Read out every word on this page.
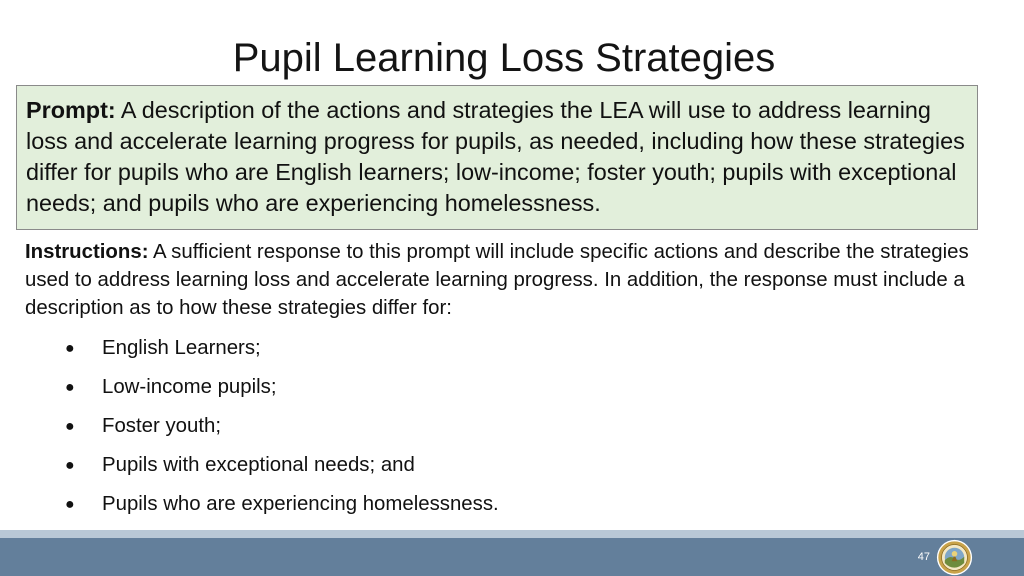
Pupil Learning Loss Strategies
Prompt: A description of the actions and strategies the LEA will use to address learning loss and accelerate learning progress for pupils, as needed, including how these strategies differ for pupils who are English learners; low-income; foster youth; pupils with exceptional needs; and pupils who are experiencing homelessness.
Instructions: A sufficient response to this prompt will include specific actions and describe the strategies used to address learning loss and accelerate learning progress. In addition, the response must include a description as to how these strategies differ for:
●	English Learners;
●	Low-income pupils;
●	Foster youth;
●	Pupils with exceptional needs; and
●	Pupils who are experiencing homelessness.
47
